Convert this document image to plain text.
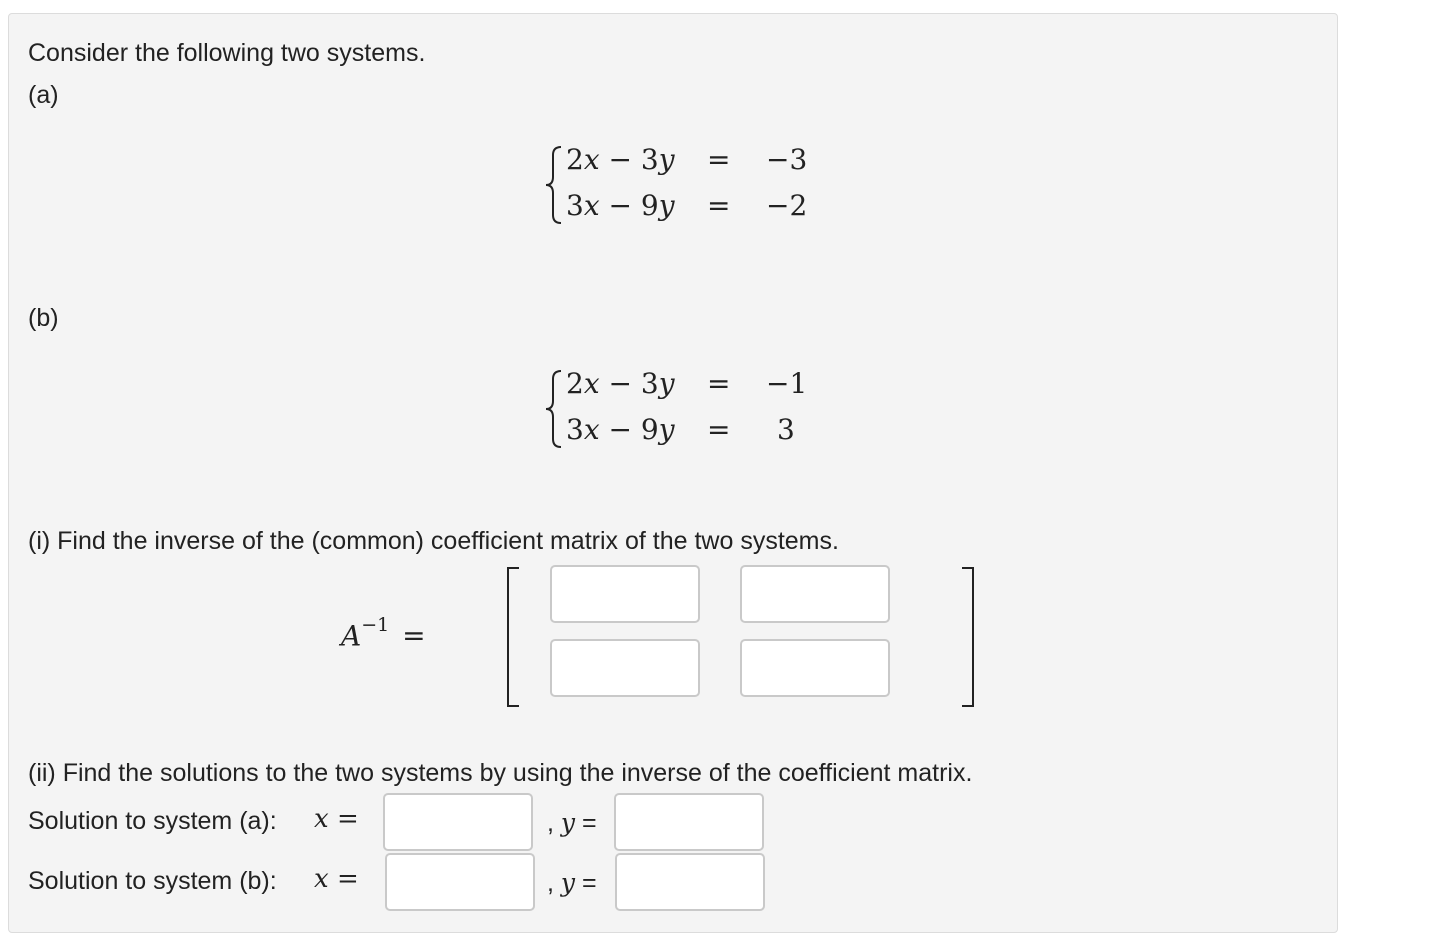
Consider the following two systems.
(a)
2x − 3y = −3
3x − 9y = −2
(b)
2x − 3y = −1
3x − 9y = 3
(i) Find the inverse of the (common) coefficient matrix of the two systems.
$A^{-1}$ =
(ii) Find the solutions to the two systems by using the inverse of the coefficient matrix.
Solution to system (a): x =	, y =
Solution to system (b): x =	, y =
